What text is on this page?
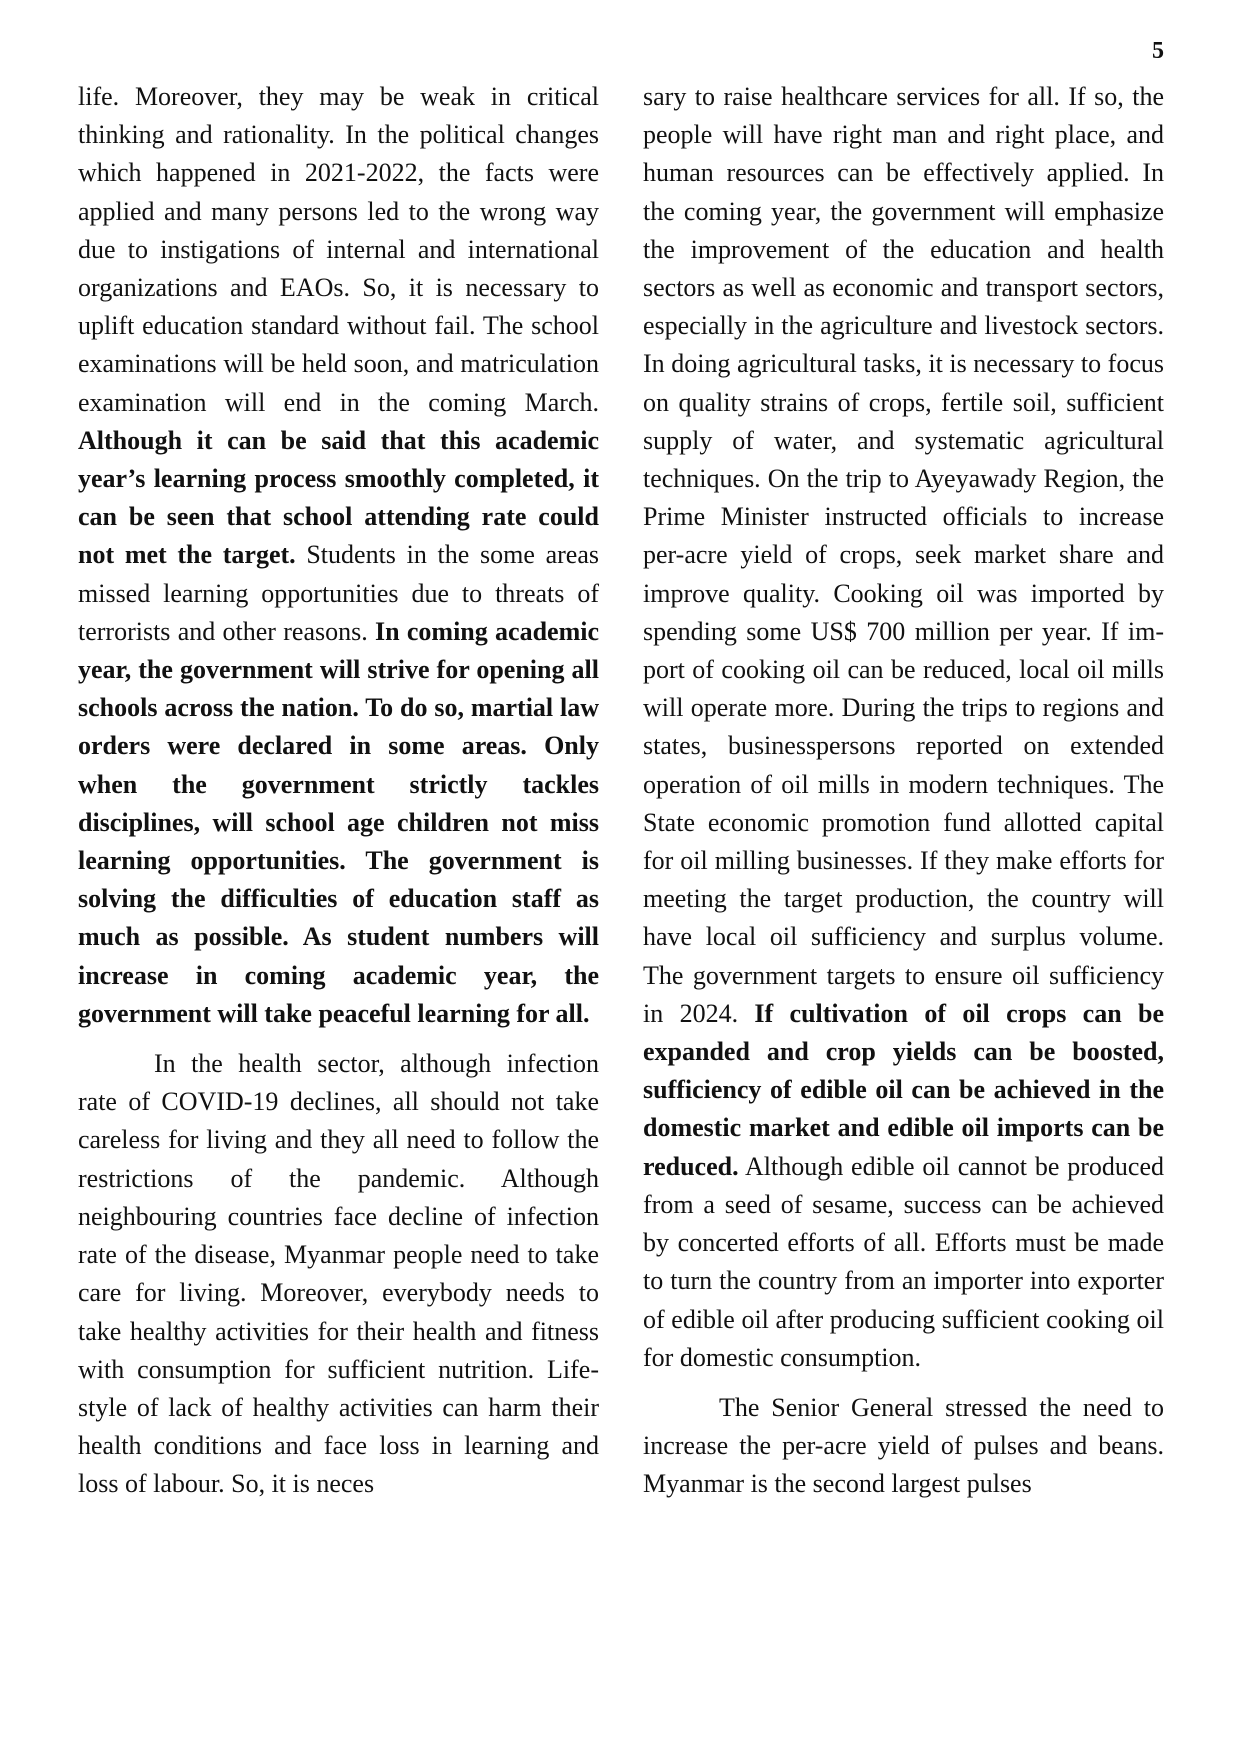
5

life. Moreover, they may be weak in critical thinking and rationality. In the political changes which happened in 2021-2022, the facts were applied and many persons led to the wrong way due to instigations of internal and international organizations and EAOs. So, it is necessary to uplift education standard without fail. The school examinations will be held soon, and matriculation examination will end in the coming March. Although it can be said that this academic year’s learning process smoothly completed, it can be seen that school attending rate could not met the target. Students in the some areas missed learning opportunities due to threats of terrorists and other reasons. In coming academic year, the government will strive for opening all schools across the nation. To do so, martial law orders were declared in some areas. Only when the government strictly tackles disciplines, will school age children not miss learning opportunities. The government is solving the difficulties of education staff as much as possible. As student numbers will increase in coming academic year, the government will take peaceful learning for all.

In the health sector, although infection rate of COVID-19 declines, all should not take careless for living and they all need to follow the restrictions of the pandemic. Although neighbouring countries face decline of infection rate of the disease, Myanmar people need to take care for living. Moreover, everybody needs to take healthy activities for their health and fitness with consumption for sufficient nutrition. Lifestyle of lack of healthy activities can harm their health conditions and face loss in learning and loss of labour. So, it is neces

sary to raise healthcare services for all. If so, the people will have right man and right place, and human resources can be effectively applied. In the coming year, the government will emphasize the improvement of the education and health sectors as well as economic and transport sectors, especially in the agriculture and livestock sectors. In doing agricultural tasks, it is necessary to focus on quality strains of crops, fertile soil, sufficient supply of water, and systematic agricultural techniques. On the trip to Ayeyawady Region, the Prime Minister instructed officials to increase per-acre yield of crops, seek market share and improve quality. Cooking oil was imported by spending some US$ 700 million per year. If import of cooking oil can be reduced, local oil mills will operate more. During the trips to regions and states, businesspersons reported on extended operation of oil mills in modern techniques. The State economic promotion fund allotted capital for oil milling businesses. If they make efforts for meeting the target production, the country will have local oil sufficiency and surplus volume. The government targets to ensure oil sufficiency in 2024. If cultivation of oil crops can be expanded and crop yields can be boosted, sufficiency of edible oil can be achieved in the domestic market and edible oil imports can be reduced. Although edible oil cannot be produced from a seed of sesame, success can be achieved by concerted efforts of all. Efforts must be made to turn the country from an importer into exporter of edible oil after producing sufficient cooking oil for domestic consumption.

The Senior General stressed the need to increase the per-acre yield of pulses and beans. Myanmar is the second largest pulses
